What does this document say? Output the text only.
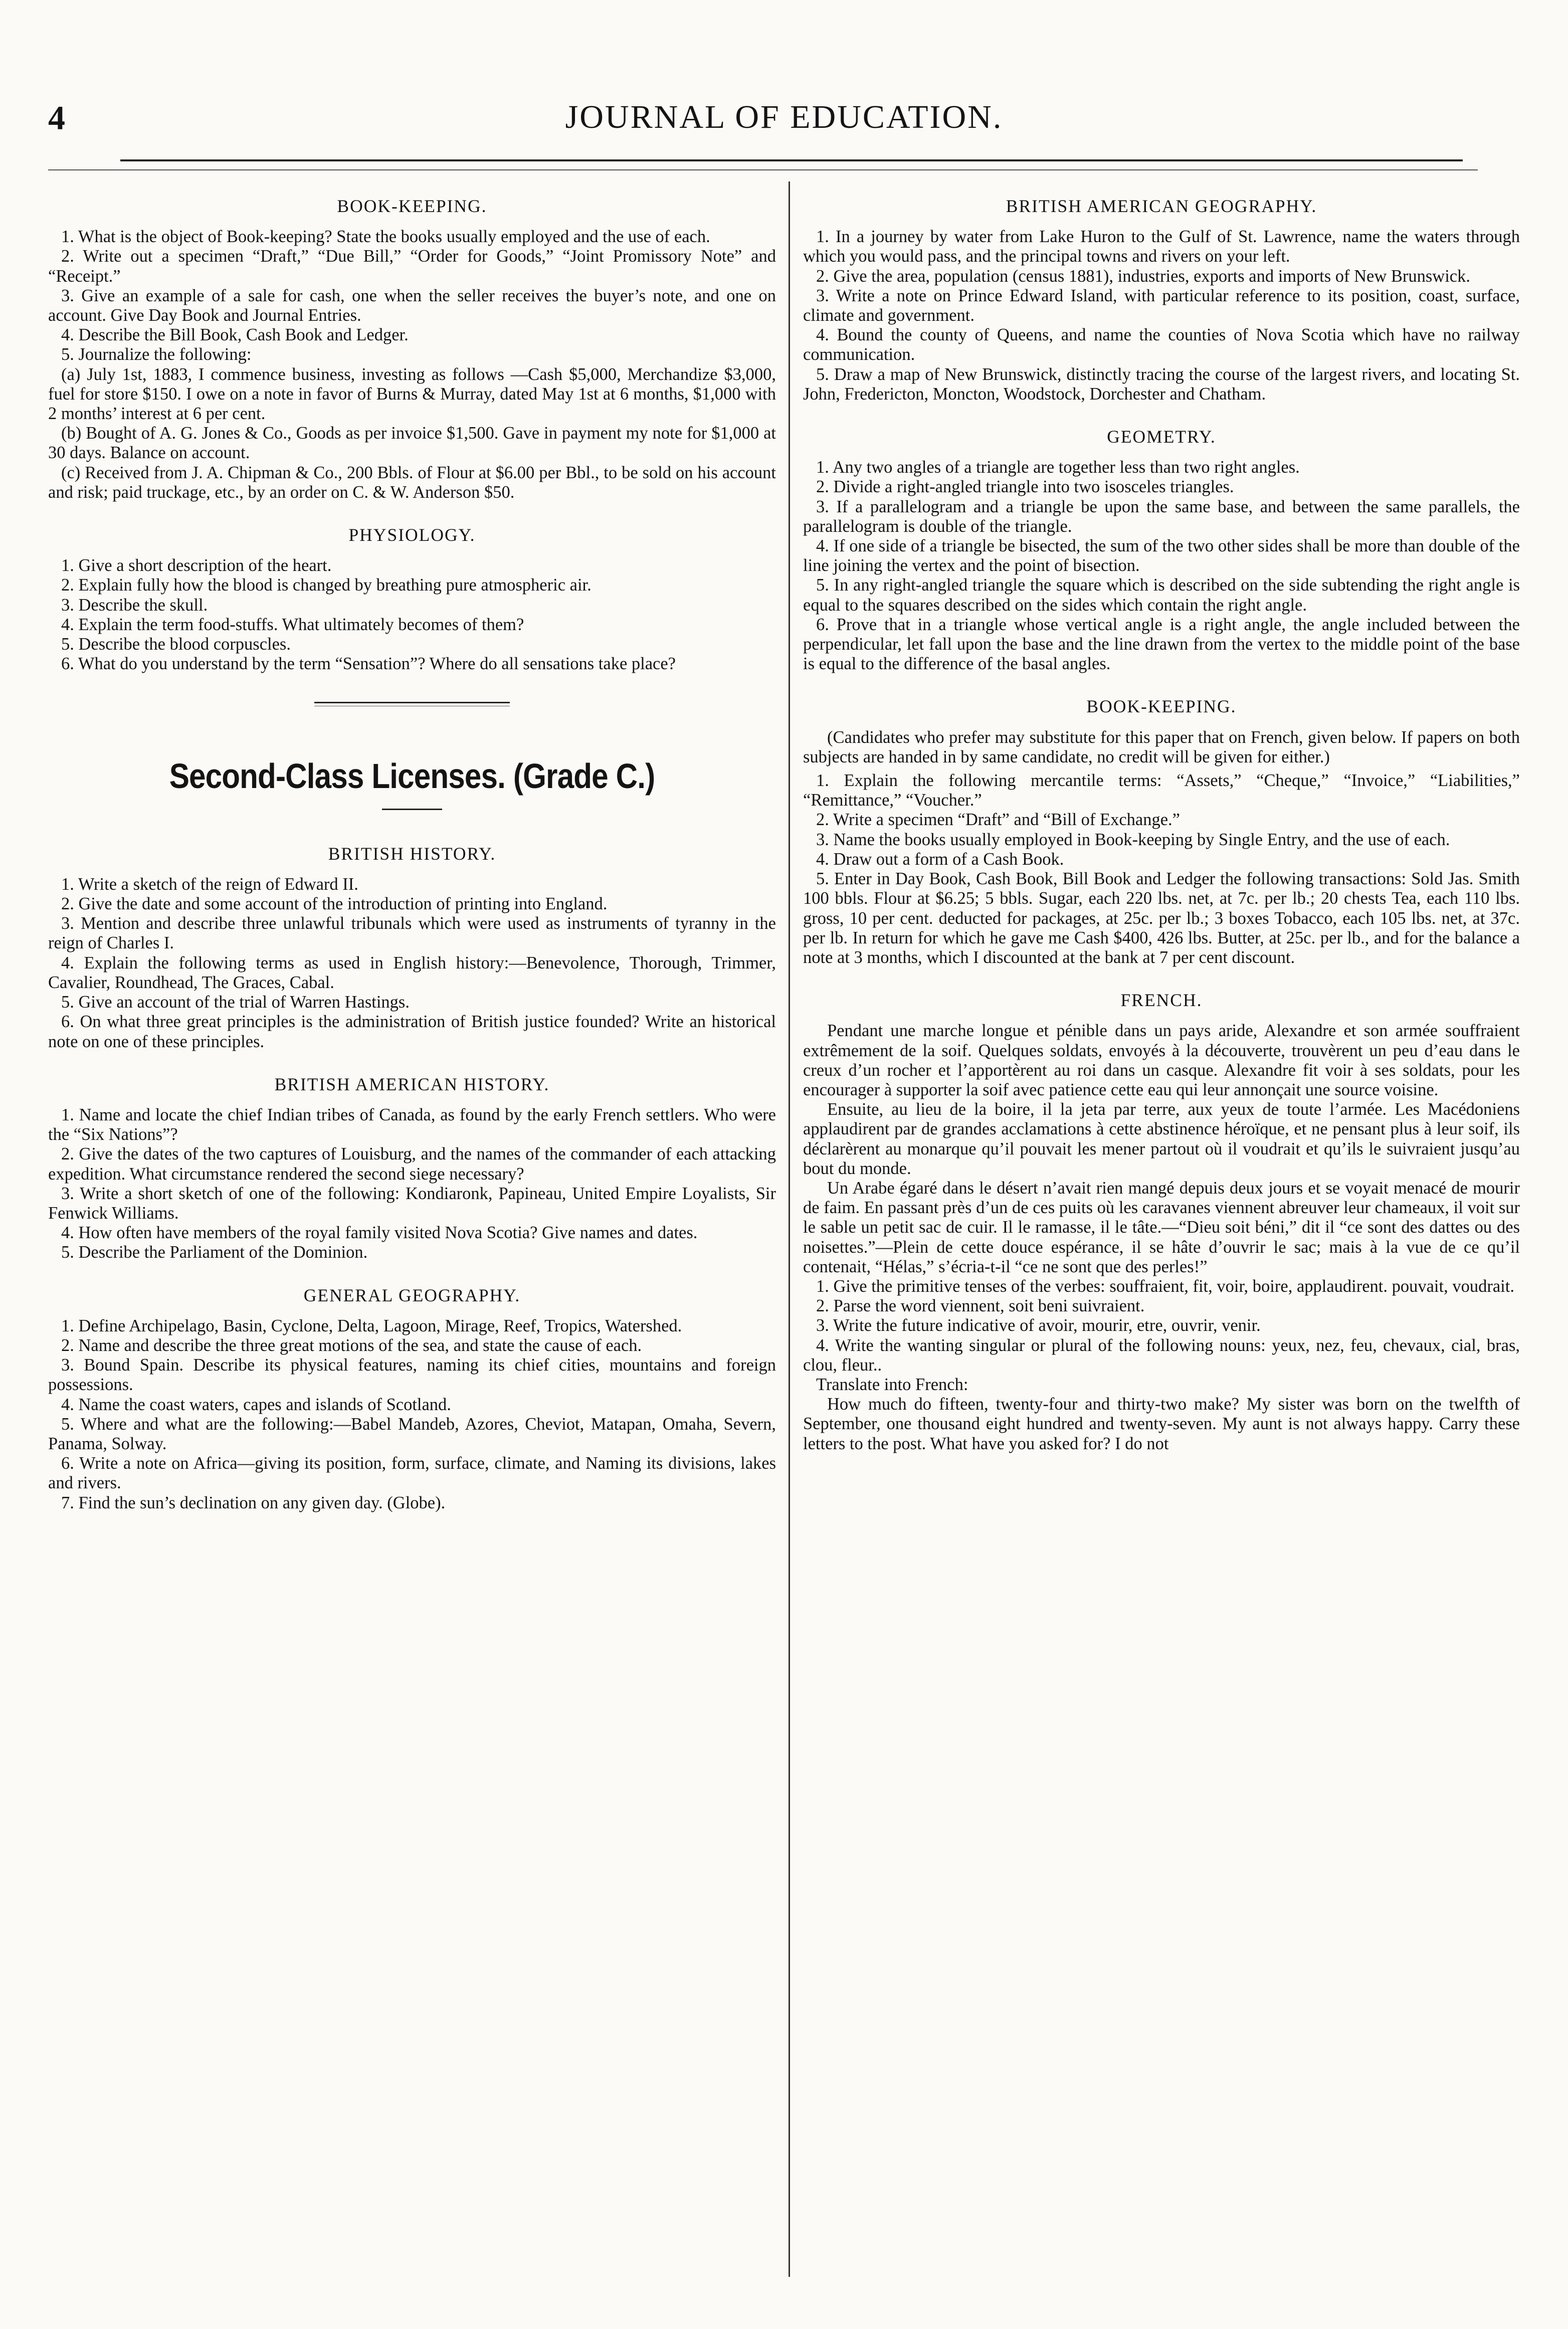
4	JOURNAL OF EDUCATION.
BOOK-KEEPING.

1. What is the object of Book-keeping? State the books usually employed and the use of each.

2. Write out a specimen “Draft,” “Due Bill,” “Order for Goods,” “Joint Promissory Note” and “Receipt.”

3. Give an example of a sale for cash, one when the seller receives the buyer’s note, and one on account. Give Day Book and Journal Entries.

4. Describe the Bill Book, Cash Book and Ledger.

5. Journalize the following:

(a) July 1st, 1883, I commence business, investing as follows —Cash $5,000, Merchandize $3,000, fuel for store $150. I owe on a note in favor of Burns & Murray, dated May 1st at 6 months, $1,000 with 2 months’ interest at 6 per cent.

(b) Bought of A. G. Jones & Co., Goods as per invoice $1,500. Gave in payment my note for $1,000 at 30 days. Balance on account.

(c) Received from J. A. Chipman & Co., 200 Bbls. of Flour at $6.00 per Bbl., to be sold on his account and risk; paid truckage, etc., by an order on C. & W. Anderson $50.

PHYSIOLOGY.

1. Give a short description of the heart.

2. Explain fully how the blood is changed by breathing pure atmospheric air.

3. Describe the skull.

4. Explain the term food-stuffs. What ultimately becomes of them?

5. Describe the blood corpuscles.

6. What do you understand by the term “Sensation”? Where do all sensations take place?

Second-Class Licenses. (Grade C.)
BRITISH HISTORY.

1. Write a sketch of the reign of Edward II.

2. Give the date and some account of the introduction of printing into England.

3. Mention and describe three unlawful tribunals which were used as instruments of tyranny in the reign of Charles I.

4. Explain the following terms as used in English history:—Benevolence, Thorough, Trimmer, Cavalier, Roundhead, The Graces, Cabal.

5. Give an account of the trial of Warren Hastings.

6. On what three great principles is the administration of British justice founded? Write an historical note on one of these principles.

BRITISH AMERICAN HISTORY.

1. Name and locate the chief Indian tribes of Canada, as found by the early French settlers. Who were the “Six Nations”?

2. Give the dates of the two captures of Louisburg, and the names of the commander of each attacking expedition. What circumstance rendered the second siege necessary?

3. Write a short sketch of one of the following: Kondiaronk, Papineau, United Empire Loyalists, Sir Fenwick Williams.

4. How often have members of the royal family visited Nova Scotia? Give names and dates.

5. Describe the Parliament of the Dominion.

GENERAL GEOGRAPHY.

1. Define Archipelago, Basin, Cyclone, Delta, Lagoon, Mirage, Reef, Tropics, Watershed.

2. Name and describe the three great motions of the sea, and state the cause of each.

3. Bound Spain. Describe its physical features, naming its chief cities, mountains and foreign possessions.

4. Name the coast waters, capes and islands of Scotland.

5. Where and what are the following:—Babel Mandeb, Azores, Cheviot, Matapan, Omaha, Severn, Panama, Solway.

6. Write a note on Africa—giving its position, form, surface, climate, and Naming its divisions, lakes and rivers.

7. Find the sun’s declination on any given day. (Globe).

BRITISH AMERICAN GEOGRAPHY.

1. In a journey by water from Lake Huron to the Gulf of St. Lawrence, name the waters through which you would pass, and the principal towns and rivers on your left.

2. Give the area, population (census 1881), industries, exports and imports of New Brunswick.

3. Write a note on Prince Edward Island, with particular reference to its position, coast, surface, climate and government.

4. Bound the county of Queens, and name the counties of Nova Scotia which have no railway communication.

5. Draw a map of New Brunswick, distinctly tracing the course of the largest rivers, and locating St. John, Fredericton, Moncton, Woodstock, Dorchester and Chatham.

GEOMETRY.

1. Any two angles of a triangle are together less than two right angles.

2. Divide a right-angled triangle into two isosceles triangles.

3. If a parallelogram and a triangle be upon the same base, and between the same parallels, the parallelogram is double of the triangle.

4. If one side of a triangle be bisected, the sum of the two other sides shall be more than double of the line joining the vertex and the point of bisection.

5. In any right-angled triangle the square which is described on the side subtending the right angle is equal to the squares described on the sides which contain the right angle.

6. Prove that in a triangle whose vertical angle is a right angle, the angle included between the perpendicular, let fall upon the base and the line drawn from the vertex to the middle point of the base is equal to the difference of the basal angles.

BOOK-KEEPING.

(Candidates who prefer may substitute for this paper that on French, given below. If papers on both subjects are handed in by same candidate, no credit will be given for either.)

1. Explain the following mercantile terms: “Assets,” “Cheque,” “Invoice,” “Liabilities,” “Remittance,” “Voucher.”

2. Write a specimen “Draft” and “Bill of Exchange.”

3. Name the books usually employed in Book-keeping by Single Entry, and the use of each.

4. Draw out a form of a Cash Book.

5. Enter in Day Book, Cash Book, Bill Book and Ledger the following transactions: Sold Jas. Smith 100 bbls. Flour at $6.25; 5 bbls. Sugar, each 220 lbs. net, at 7c. per lb.; 20 chests Tea, each 110 lbs. gross, 10 per cent. deducted for packages, at 25c. per lb.; 3 boxes Tobacco, each 105 lbs. net, at 37c. per lb. In return for which he gave me Cash $400, 426 lbs. Butter, at 25c. per lb., and for the balance a note at 3 months, which I discounted at the bank at 7 per cent discount.

FRENCH.

Pendant une marche longue et pénible dans un pays aride, Alexandre et son armée souffraient extrêmement de la soif. Quelques soldats, envoyés à la découverte, trouvèrent un peu d’eau dans le creux d’un rocher et l’apportèrent au roi dans un casque. Alexandre fit voir à ses soldats, pour les encourager à supporter la soif avec patience cette eau qui leur annonçait une source voisine.

Ensuite, au lieu de la boire, il la jeta par terre, aux yeux de toute l’armée. Les Macédoniens applaudirent par de grandes acclamations à cette abstinence héroïque, et ne pensant plus à leur soif, ils déclarèrent au monarque qu’il pouvait les mener partout où il voudrait et qu’ils le suivraient jusqu’au bout du monde.

Un Arabe égaré dans le désert n’avait rien mangé depuis deux jours et se voyait menacé de mourir de faim. En passant près d’un de ces puits où les caravanes viennent abreuver leur chameaux, il voit sur le sable un petit sac de cuir. Il le ramasse, il le tâte.—“Dieu soit béni,” dit il “ce sont des dattes ou des noisettes.”—Plein de cette douce espérance, il se hâte d’ouvrir le sac; mais à la vue de ce qu’il contenait, “Hélas,” s’écria-t-il “ce ne sont que des perles!”

1. Give the primitive tenses of the verbes: souffraient, fit, voir, boire, applaudirent. pouvait, voudrait.

2. Parse the word viennent, soit beni suivraient.

3. Write the future indicative of avoir, mourir, etre, ouvrir, venir.

4. Write the wanting singular or plural of the following nouns: yeux, nez, feu, chevaux, cial, bras, clou, fleur..

Translate into French:

How much do fifteen, twenty-four and thirty-two make? My sister was born on the twelfth of September, one thousand eight hundred and twenty-seven. My aunt is not always happy. Carry these letters to the post. What have you asked for? I do not
